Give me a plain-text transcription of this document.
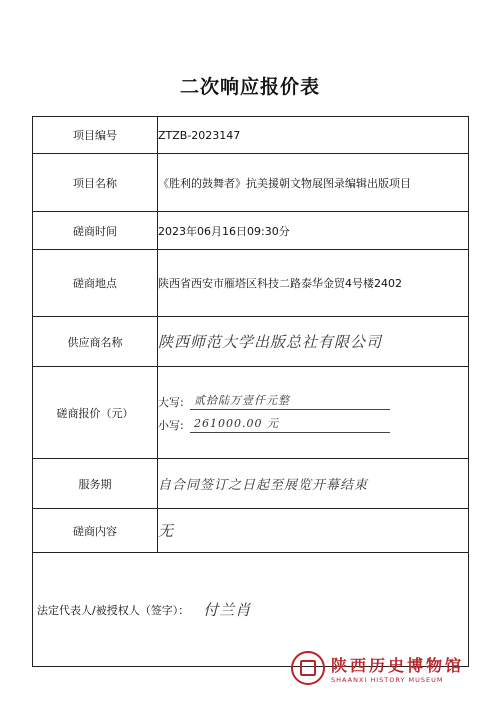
二次响应报价表
项目编号	ZTZB-2023147
项目名称	《胜利的鼓舞者》抗美援朝文物展图录编辑出版项目
磋商时间	2023年06月16日09:30分
磋商地点	陕西省西安市雁塔区科技二路泰华金贸4号楼2402
供应商名称	陕西师范大学出版总社有限公司
磋商报价（元）	大写: 贰拾陆万壹仟元整
小写: 261000.00 元

服务期	自合同签订之日起至展览开幕结束
磋商内容	无

法定代表人/被授权人（签字）： 付兰肖	
陕西历史博物馆
SHAANXI HISTORY MUSEUM
